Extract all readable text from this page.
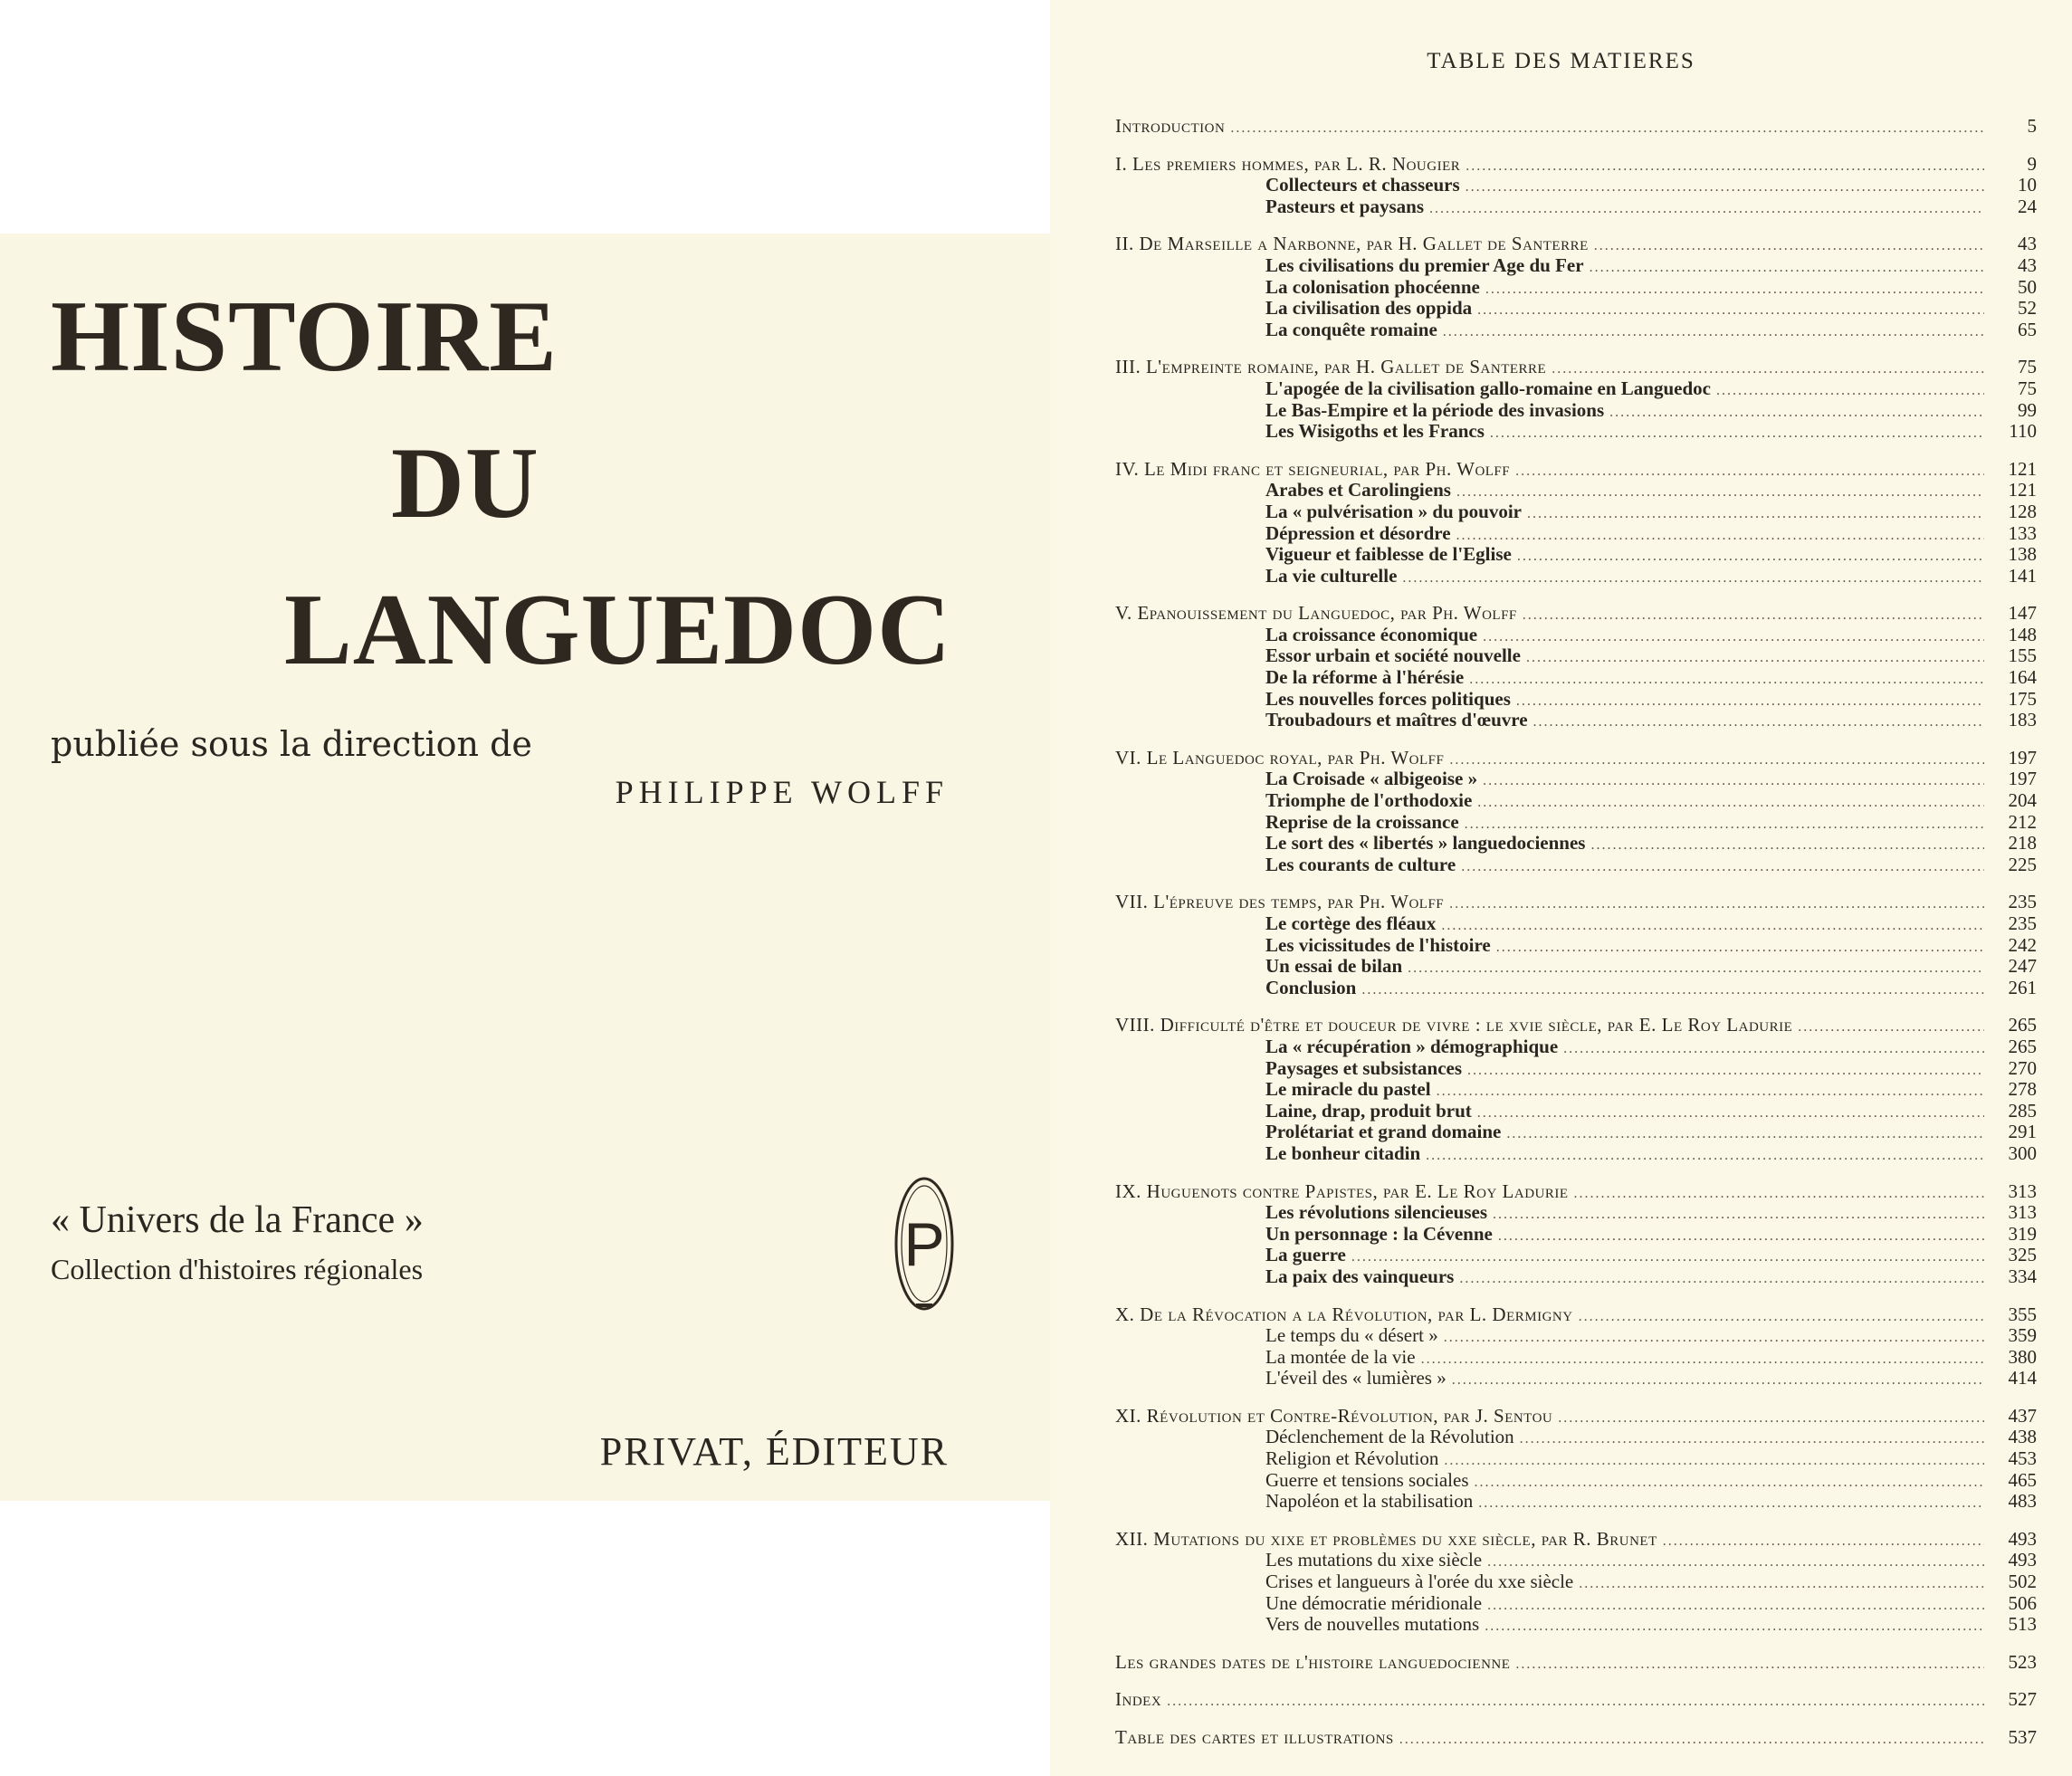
HISTOIRE
DU
LANGUEDOC
publiée sous la direction de
PHILIPPE WOLFF
« Univers de la France »
Collection d'histoires régionales	P
PRIVAT, ÉDITEUR
TABLE DES MATIERES
Introduction .....	5
I. Les premiers hommes, par L. R. Nougier .....	9
Collecteurs et chasseurs .....	10
Pasteurs et paysans .....	24
II. De Marseille a Narbonne, par H. Gallet de Santerre .....	43
Les civilisations du premier Age du Fer .....	43
La colonisation phocéenne .....	50
La civilisation des oppida .....	52
La conquête romaine .....	65
III. L'empreinte romaine, par H. Gallet de Santerre .....	75
L'apogée de la civilisation gallo-romaine en Languedoc .....	75
Le Bas-Empire et la période des invasions .....	99
Les Wisigoths et les Francs .....	110
IV. Le Midi franc et seigneurial, par Ph. Wolff .....	121
Arabes et Carolingiens .....	121
La « pulvérisation » du pouvoir .....	128
Dépression et désordre .....	133
Vigueur et faiblesse de l'Eglise .....	138
La vie culturelle .....	141
V. Epanouissement du Languedoc, par Ph. Wolff .....	147
La croissance économique .....	148
Essor urbain et société nouvelle .....	155
De la réforme à l'hérésie .....	164
Les nouvelles forces politiques .....	175
Troubadours et maîtres d'œuvre .....	183
VI. Le Languedoc royal, par Ph. Wolff .....	197
La Croisade « albigeoise » .....	197
Triomphe de l'orthodoxie .....	204
Reprise de la croissance .....	212
Le sort des « libertés » languedociennes .....	218
Les courants de culture .....	225
VII. L'épreuve des temps, par Ph. Wolff .....	235
Le cortège des fléaux .....	235
Les vicissitudes de l'histoire .....	242
Un essai de bilan .....	247
Conclusion .....	261
VIII. Difficulté d'être et douceur de vivre : le xvie siècle, par E. Le Roy Ladurie .....	265
La « récupération » démographique .....	265
Paysages et subsistances .....	270
Le miracle du pastel .....	278
Laine, drap, produit brut .....	285
Prolétariat et grand domaine .....	291
Le bonheur citadin .....	300
IX. Huguenots contre Papistes, par E. Le Roy Ladurie .....	313
Les révolutions silencieuses .....	313
Un personnage : la Cévenne .....	319
La guerre .....	325
La paix des vainqueurs .....	334
X. De la Révocation a la Révolution, par L. Dermigny .....	355
Le temps du « désert » .....	359
La montée de la vie .....	380
L'éveil des « lumières » .....	414
XI. Révolution et Contre-Révolution, par J. Sentou .....	437
Déclenchement de la Révolution .....	438
Religion et Révolution .....	453
Guerre et tensions sociales .....	465
Napoléon et la stabilisation .....	483
XII. Mutations du xixe et problèmes du xxe siècle, par R. Brunet .....	493
Les mutations du xixe siècle .....	493
Crises et langueurs à l'orée du xxe siècle .....	502
Une démocratie méridionale .....	506
Vers de nouvelles mutations .....	513
Les grandes dates de l'histoire languedocienne .....	523
Index .....	527
Table des cartes et illustrations .....	537
